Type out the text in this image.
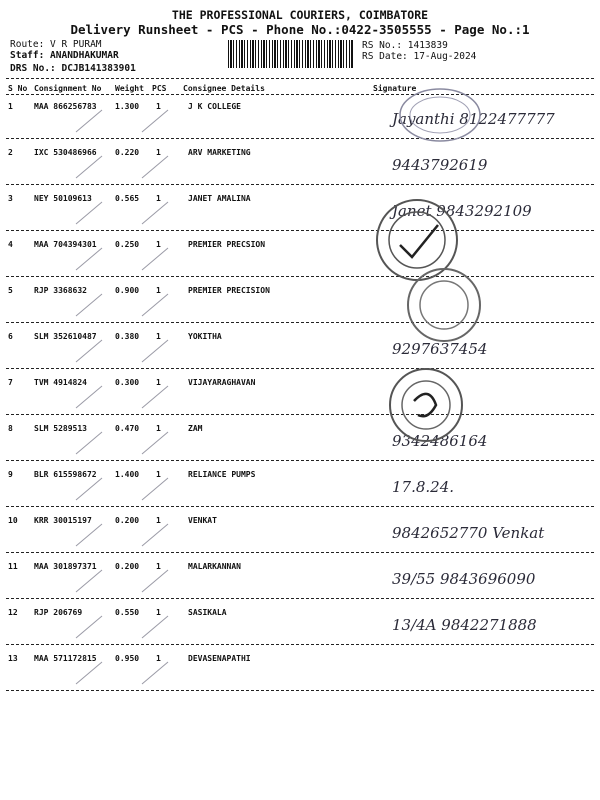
THE PROFESSIONAL COURIERS, COIMBATORE
Delivery Runsheet - PCS - Phone No.:0422-3505555 - Page No.:1
Route: V R PURAM
Staff: ANANDHAKUMAR
DRS No.: DCJB141383901
RS No.: 1413839
RS Date: 17-Aug-2024
S No Consignment No Weight PCS Consignee Details	Signature
1	MAA 866256783 1.300 1	J K COLLEGE
Jayanthi 8122477777
2	IXC 530486966 0.220 1	ARV MARKETING
9443792619
3	NEY 50109613	0.565 1	JANET AMALINA
Janet 9843292109
4	MAA 704394301 0.250 1	PREMIER PRECSION
5	RJP 3368632	0.900 1	PREMIER PRECISION
6	SLM 352610487 0.380 1	YOKITHA
9297637454
7	TVM 4914824	0.300 1	VIJAYARAGHAVAN
8	SLM 5289513	0.470 1	ZAM
9342486164
9	BLR 615598672 1.400 1	RELIANCE PUMPS
17.8.24.
10 KRR 30015197	0.200 1	VENKAT
9842652770 Venkat
11 MAA 301897371 0.200 1	MALARKANNAN
39/55 9843696090
12 RJP 206769	0.550 1	SASIKALA
13/4A 9842271888
13 MAA 571172815 0.950 1	DEVASENAPATHI
